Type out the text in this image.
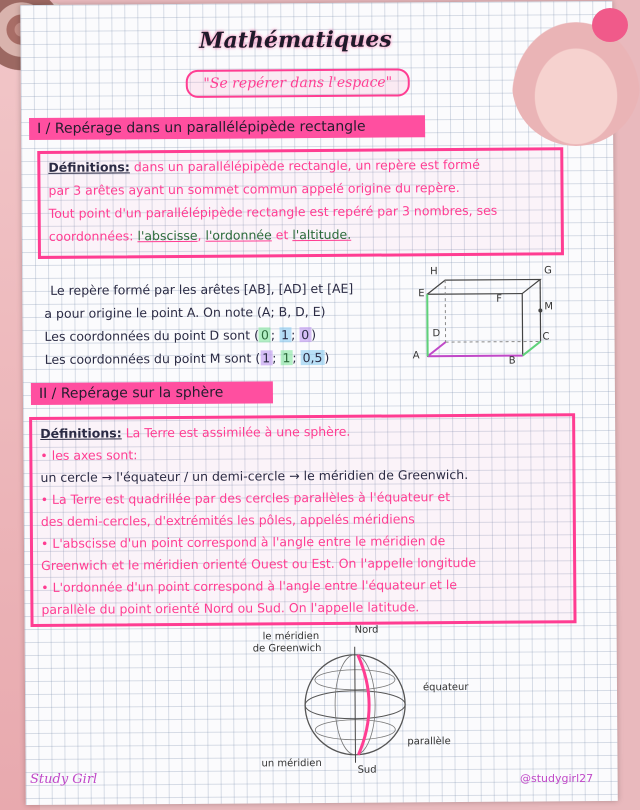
Mathématiques
"Se repérer dans l'espace"
I / Repérage dans un parallélépipède rectangle
Définitions: dans un parallélépipède rectangle, un repère est formé
par 3 arêtes ayant un sommet commun appelé origine du repère.
Tout point d'un parallélépipède rectangle est repéré par 3 nombres, ses
coordonnées: l'abscisse, l'ordonnée et l'altitude.
Le repère formé par les arêtes [AB], [AD] et [AE]
a pour origine le point A. On note (A; B, D, E)
Les coordonnées du point D sont ( 0 ; 1 ; 0 )
Les coordonnées du point M sont ( 1 ; 1 ; 0,5 )
H	G
E	F
M
D	C
A	B
II / Repérage sur la sphère
Définitions: La Terre est assimilée à une sphère.
• les axes sont:
un cercle → l'équateur / un demi-cercle → le méridien de Greenwich.
• La Terre est quadrillée par des cercles parallèles à l'équateur et
des demi-cercles, d'extrémités les pôles, appelés méridiens
• L'abscisse d'un point correspond à l'angle entre le méridien de
Greenwich et le méridien orienté Ouest ou Est. On l'appelle longitude
• L'ordonnée d'un point correspond à l'angle entre l'équateur et le
parallèle du point orienté Nord ou Sud. On l'appelle latitude.
le méridien
de Greenwich
Nord
équateur
parallèle
un méridien
Sud
Study Girl	@studygirl27
